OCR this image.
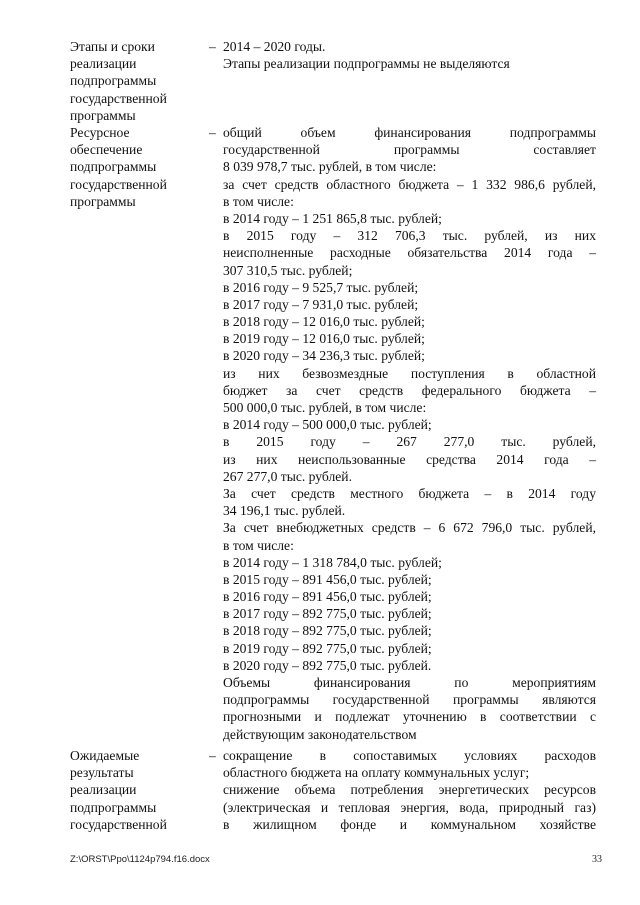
Этапы и сроки
реализации
подпрограммы
государственной
программы
– 2014 – 2020 годы.
Этапы реализации подпрограммы не выделяются
Ресурсное
обеспечение
подпрограммы
государственной
программы
– общий объем финансирования подпрограммы
государственной программы составляет
8 039 978,7 тыс. рублей, в том числе:
за счет средств областного бюджета – 1 332 986,6 рублей,
в том числе:
в 2014 году – 1 251 865,8 тыс. рублей;
в 2015 году – 312 706,3 тыс. рублей, из них
неисполненные расходные обязательства 2014 года –
307 310,5 тыс. рублей;
в 2016 году – 9 525,7 тыс. рублей;
в 2017 году – 7 931,0 тыс. рублей;
в 2018 году – 12 016,0 тыс. рублей;
в 2019 году – 12 016,0 тыс. рублей;
в 2020 году – 34 236,3 тыс. рублей;
из них безвозмездные поступления в областной
бюджет за счет средств федерального бюджета –
500 000,0 тыс. рублей, в том числе:
в 2014 году – 500 000,0 тыс. рублей;
в 2015 году – 267 277,0 тыс. рублей,
из них неиспользованные средства 2014 года –
267 277,0 тыс. рублей.
За счет средств местного бюджета – в 2014 году
34 196,1 тыс. рублей.
За счет внебюджетных средств – 6 672 796,0 тыс. рублей,
в том числе:
в 2014 году – 1 318 784,0 тыс. рублей;
в 2015 году – 891 456,0 тыс. рублей;
в 2016 году – 891 456,0 тыс. рублей;
в 2017 году – 892 775,0 тыс. рублей;
в 2018 году – 892 775,0 тыс. рублей;
в 2019 году – 892 775,0 тыс. рублей;
в 2020 году – 892 775,0 тыс. рублей.
Объемы финансирования по мероприятиям
подпрограммы государственной программы являются
прогнозными и подлежат уточнению в соответствии с
действующим законодательством
Ожидаемые
результаты
реализации
подпрограммы
государственной
– сокращение в сопоставимых условиях расходов
областного бюджета на оплату коммунальных услуг;
снижение объема потребления энергетических ресурсов
(электрическая и тепловая энергия, вода, природный газ)
в жилищном фонде и коммунальном хозяйстве
Z:\ORST\Ppo\1124p794.f16.docx	33
